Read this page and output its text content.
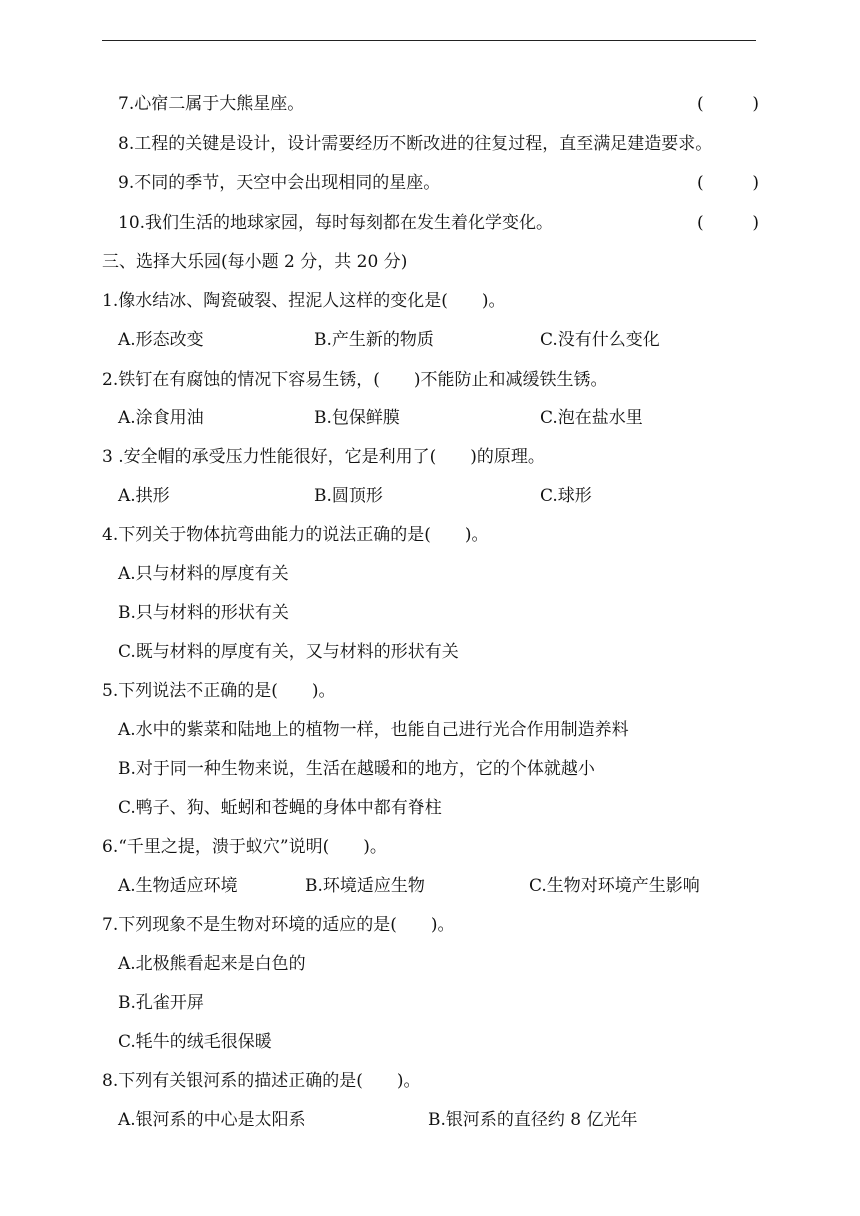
7.心宿二属于大熊星座。	(	)
8.工程的关键是设计，设计需要经历不断改进的往复过程，直至满足建造要求。
9.不同的季节，天空中会出现相同的星座。	(	)
10.我们生活的地球家园，每时每刻都在发生着化学变化。	(	)
三、选择大乐园(每小题 2 分，共 20 分)
1.像水结冰、陶瓷破裂、捏泥人这样的变化是(　　)。
A.形态改变	B.产生新的物质	C.没有什么变化
2.铁钉在有腐蚀的情况下容易生锈，(　　)不能防止和减缓铁生锈。
A.涂食用油	B.包保鲜膜	C.泡在盐水里
3 .安全帽的承受压力性能很好，它是利用了(　　)的原理。
A.拱形	B.圆顶形	C.球形
4.下列关于物体抗弯曲能力的说法正确的是(　　)。
A.只与材料的厚度有关
B.只与材料的形状有关
C.既与材料的厚度有关，又与材料的形状有关
5.下列说法不正确的是(　　)。
A.水中的紫菜和陆地上的植物一样，也能自己进行光合作用制造养料
B.对于同一种生物来说，生活在越暖和的地方，它的个体就越小
C.鸭子、狗、蚯蚓和苍蝇的身体中都有脊柱
6.“千里之提，溃于蚁穴”说明(　　)。
A.生物适应环境	B.环境适应生物	C.生物对环境产生影响
7.下列现象不是生物对环境的适应的是(　　)。
A.北极熊看起来是白色的
B.孔雀开屏
C.牦牛的绒毛很保暖
8.下列有关银河系的描述正确的是(　　)。
A.银河系的中心是太阳系	B.银河系的直径约 8 亿光年
